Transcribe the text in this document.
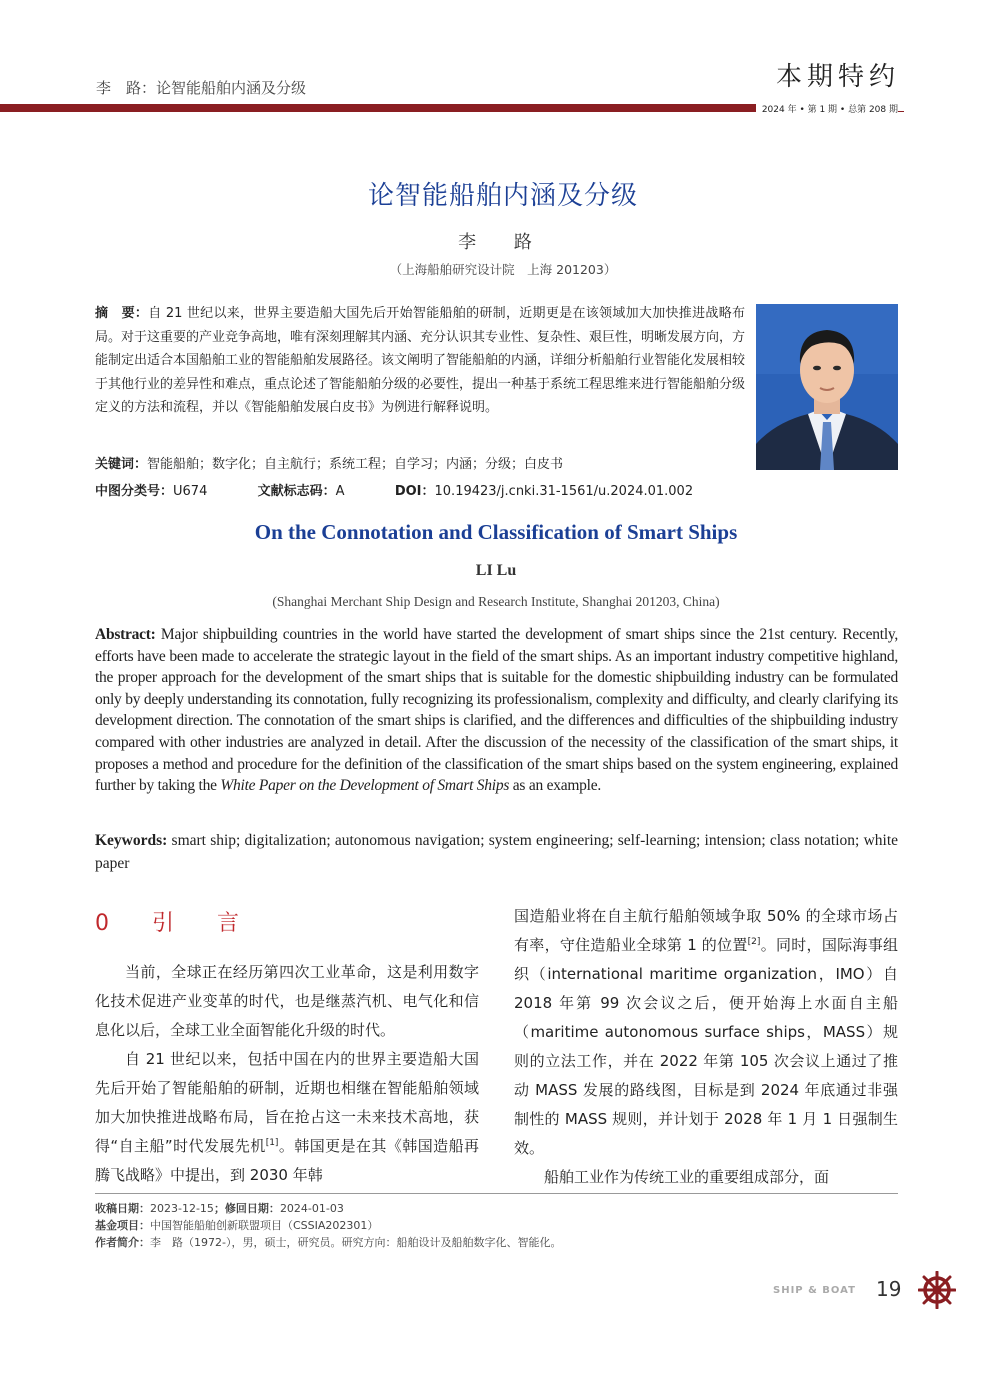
李　路：论智能船舶内涵及分级	本期特约
2024 年 • 第 1 期 • 总第 208 期
论智能船舶内涵及分级
李 路
（上海船舶研究设计院　上海 201203）
摘　要：自 21 世纪以来，世界主要造船大国先后开始智能船舶的研制，近期更是在该领域加大加快推进战略布局。对于这重要的产业竞争高地，唯有深刻理解其内涵、充分认识其专业性、复杂性、艰巨性，明晰发展方向，方能制定出适合本国船舶工业的智能船舶发展路径。该文阐明了智能船舶的内涵，详细分析船舶行业智能化发展相较于其他行业的差异性和难点，重点论述了智能船舶分级的必要性，提出一种基于系统工程思维来进行智能船舶分级定义的方法和流程，并以《智能船舶发展白皮书》为例进行解释说明。
关键词：智能船舶；数字化；自主航行；系统工程；自学习；内涵；分级；白皮书
中图分类号：U674	文献标志码：A	DOI：10.19423/j.cnki.31-1561/u.2024.01.002
On the Connotation and Classification of Smart Ships
LI Lu
(Shanghai Merchant Ship Design and Research Institute, Shanghai 201203, China)
Abstract: Major shipbuilding countries in the world have started the development of smart ships since the 21st century. Recently, efforts have been made to accelerate the strategic layout in the field of the smart ships. As an important industry competitive highland, the proper approach for the development of the smart ships that is suitable for the domestic shipbuilding industry can be formulated only by deeply understanding its connotation, fully recognizing its professionalism, complexity and difficulty, and clearly clarifying its development direction. The connotation of the smart ships is clarified, and the differences and difficulties of the shipbuilding industry compared with other industries are analyzed in detail. After the discussion of the necessity of the classification of the smart ships, it proposes a method and procedure for the definition of the classification of the smart ships based on the system engineering, explained further by taking the White Paper on the Development of Smart Ships as an example.
Keywords: smart ship; digitalization; autonomous navigation; system engineering; self-learning; intension; class notation; white paper
0 引 言

当前，全球正在经历第四次工业革命，这是利用数字化技术促进产业变革的时代，也是继蒸汽机、电气化和信息化以后，全球工业全面智能化升级的时代。

自 21 世纪以来，包括中国在内的世界主要造船大国先后开始了智能船舶的研制，近期也相继在智能船舶领域加大加快推进战略布局，旨在抢占这一未来技术高地，获得“自主船”时代发展先机[1]。韩国更是在其《韩国造船再腾飞战略》中提出，到 2030 年韩

国造船业将在自主航行船舶领域争取 50% 的全球市场占有率，守住造船业全球第 1 的位置[2]。同时，国际海事组织（international maritime organization，IMO）自 2018 年第 99 次会议之后，便开始海上水面自主船（maritime autonomous surface ships，MASS）规则的立法工作，并在 2022 年第 105 次会议上通过了推动 MASS 发展的路线图，目标是到 2024 年底通过非强制性的 MASS 规则，并计划于 2028 年 1 月 1 日强制生效。

船舶工业作为传统工业的重要组成部分，面

收稿日期：2023-12-15；修回日期：2024-01-03
基金项目：中国智能船舶创新联盟项目（CSSIA202301）
作者简介：李　路（1972-），男，硕士，研究员。研究方向：船舶设计及船舶数字化、智能化。
SHIP & BOAT 19
